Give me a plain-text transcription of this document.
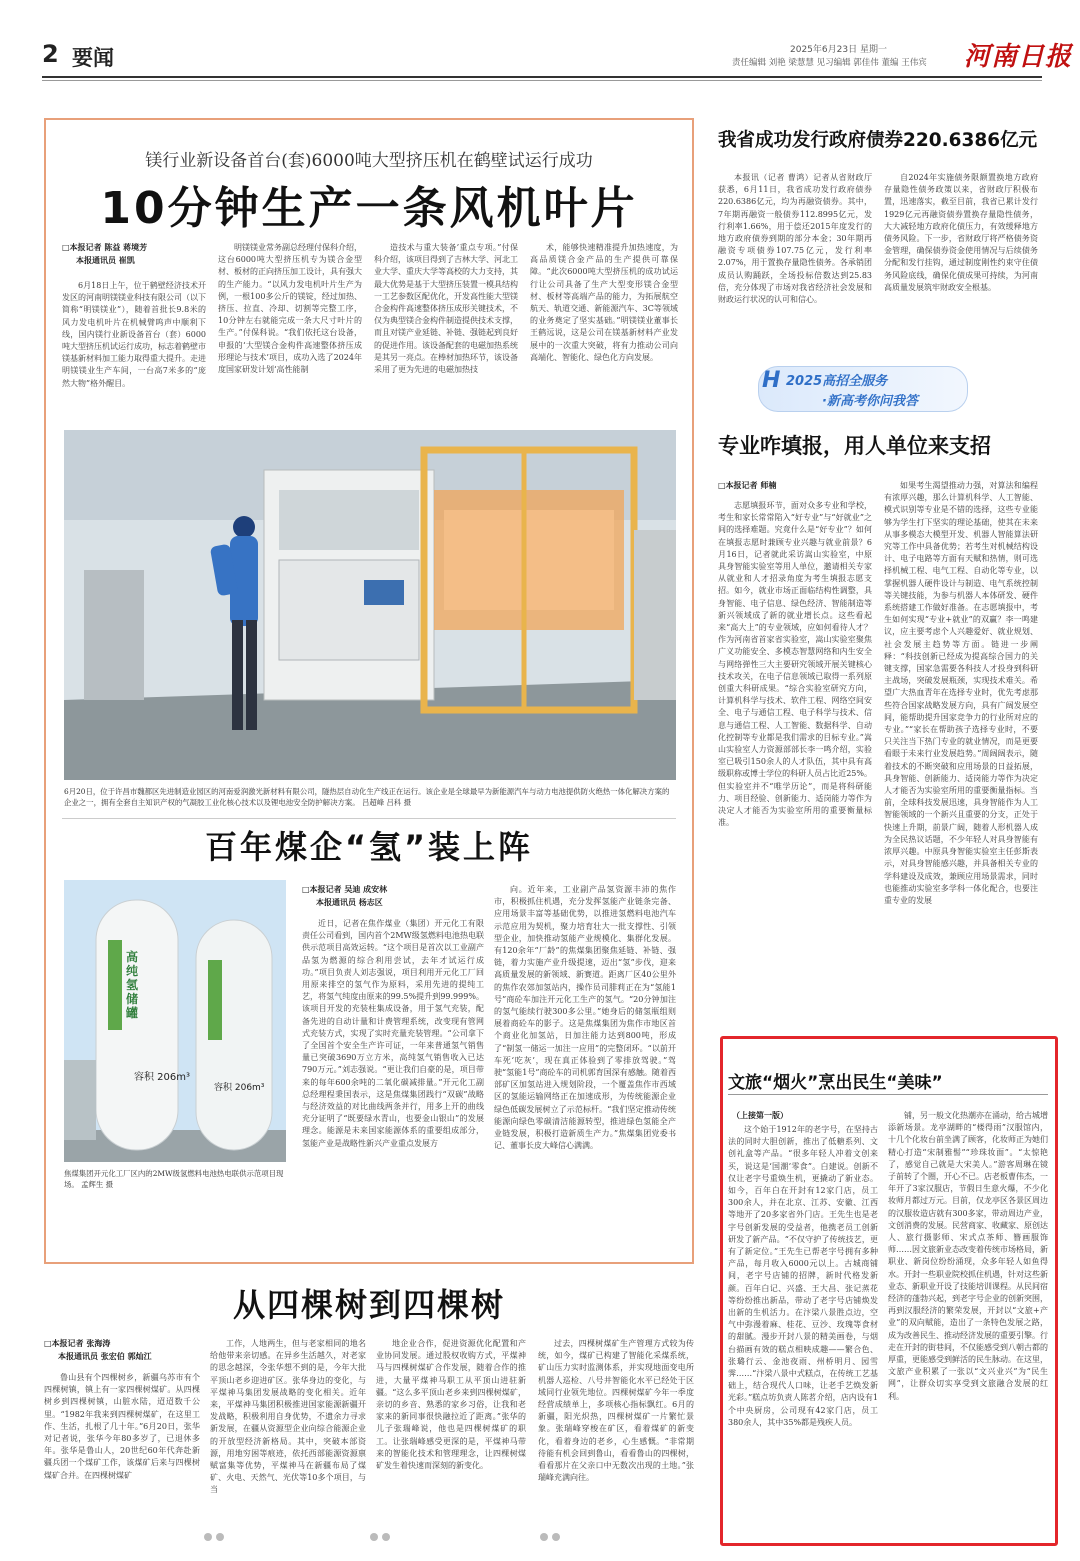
2 要闻	2025年6月23日 星期一
责任编辑 刘艳 梁慧慧 见习编辑 郭佳伟 董编 王伟宾 河南日报
镁行业新设备首台(套)6000吨大型挤压机在鹤壁试运行成功
10分钟生产一条风机叶片
□本报记者 陈益 蒋境芳
本报通讯员 崔凯

6月18日上午，位于鹤壁经济技术开发区的河南明镁镁业科技有限公司（以下简称“明镁镁业”），随着首批长9.8米的风力发电机叶片在机械臂呜声中顺利下线，国内镁行业新设备首台（套）6000吨大型挤压机试运行成功，标志着鹤壁市镁基新材料加工能力取得重大提升。走进明镁镁业生产车间，一台高7米多的“庞然大物”格外醒目。

明镁镁业常务副总经理付保科介绍，这台6000吨大型挤压机专为镁合金型材、板材的正向挤压加工设计，具有强大的生产能力。“以风力发电机叶片生产为例，一根100多公斤的镁锭，经过加热、挤压、拉直、冷却、切割等完整工序，10分钟左右就能完成一条大尺寸叶片的生产。”付保科说。“我们依托这台设备，申报的‘大型镁合金构件高速整体挤压成形理论与技术’项目，成功入选了2024年度国家研发计划‘高性能制

造技术与重大装备’重点专项。”付保科介绍，该项目得到了吉林大学、河北工业大学、重庆大学等高校的大力支持，其最大优势是基于大型挤压装置一模具结构一工艺参数区配优化，开发高性能大型镁合金构件高速整体挤压成形关键技术，不仅为典型镁合金构件制造提供技术支撑，而且对镁产业延链、补链、强链起到良好的促进作用。该设备配套的电磁加热系统是其另一亮点。在棒材加热环节，该设备采用了更为先进的电磁加热技

术，能够快速精准提升加热速度，为高品质镁合金产品的生产提供可靠保障。“此次6000吨大型挤压机的成功试运行让公司具备了生产大型变形镁合金型材、板材等高端产品的能力，为拓展航空航天、轨道交通、新能源汽车、3C等领域的业务奠定了坚实基础。”明镁镁业董事长王鹤远说，这是公司在镁基新材料产业发展中的一次重大突破，将有力推动公司向高端化、智能化、绿色化方向发展。

6月20日，位于许昌市魏都区先进制造业园区的河南爱润激光新材料有限公司，隧热层自动化生产线正在运行。该企业是全球最早为新能源汽车与动力电池提供防火绝热一体化解决方案的企业之一，拥有全套自主知识产权的气凝胶工业化核心技术以及锂电池安全防护解决方案。 吕超峰 吕科 摄
百年煤企“氢”装上阵
容积 206m³
容积 206m³
高纯氢储罐
焦煤集团开元化工厂区内的2MW级氢燃料电池热电联供示范项目现场。 孟辉生 摄
□本报记者 吴迪 成安林
本报通讯员 杨志区

近日，记者在焦作煤业（集团）开元化工有限责任公司看到，国内首个2MW级氢燃料电池热电联供示范项目高效运转。“这个项目是首次以工业副产品氢为燃源的综合利用尝试，去年才试运行成功。”项目负责人刘志强说，项目利用开元化工厂回用原来排空的氢气作为原料，采用先进的提纯工艺，将氢气纯度由原来的99.5%提升到99.999%。该项目开发的充装柱集成设备，用于氢气充装，配备先进的自动计量和计费管理系统，改变现有管网式充装方式，实现了实时充量充装管理。“公司拿下了全国首个安全生产许可证，一年来普通氢气销售量已突破3690万立方米，高纯氢气销售收入已达790万元。”刘志强说。“更让我们自豪的是，项目带来的每年600余吨的二氧化碳减排量。”开元化工副总经理程秉国表示，这是焦煤集团践行“双碳”战略与经济效益的对比曲线两条并行，用多上开的曲线充分证明了“既要绿水青山，也要金山银山”的发展理念。能源是未来国家能源体系的重要组成部分，氢能产业是战略性新兴产业重点发展方

向。近年来，工业副产品氢资源丰沛的焦作市，积极抓住机遇，充分发挥氢能产业链条完备、应用场景丰富等基础优势，以推进氢燃料电池汽车示范应用为契机，聚力培育壮大一批支撑性、引领型企业，加快推动氢能产业规模化、集群化发展。有120余年“厂龄”的焦煤集团聚焦延链、补链、强链，着力实施产业升级提速，迈出“氢”步伐，迎来高质量发展的新领域、新赛道。距离厂区40公里外的焦作农郊加氢站内，操作员司腓莉正在为“氢能1号”商砼车加注开元化工生产的氢气。“20分钟加注的氢气能续行驶300多公里。”她身后的储氢瓶组则展着商砼车的影子。这是焦煤集团为焦作市地区首个商业化加氢站，日加注能力达到800吨，形成了“制氢一储运一加注一应用”的完整闭环。“以前开车死‘吃灰’，现在真正体验到了零排放驾驶。”驾驶“氢能1号”商砼车的司机郭育国深有感触。随着西部矿区加氢站进入规划阶段，一个覆盖焦作市西域区的氢能运输网络正在加速成形，为传统能源企业绿色低碳发展树立了示范标杆。“我们坚定推动传统能源向绿色零碳清洁能源转型，推进绿色氢能全产业链发展，积极打造新质生产力。”焦煤集团党委书记、董事长皮大峰信心满满。

从四棵树到四棵树
□本报记者 张海涛
本报通讯员 张宏伯 郭灿江

鲁山县有个四棵树乡，新疆乌苏市有个四棵树镇，镇上有一家四棵树煤矿。从四棵树乡到四棵树镇，山脏水陆，迢迢数千公里。“1982年我来到四棵树煤矿，在这里工作、生活，扎根了几十年。”6月20日，张华对记者说，张华今年80多岁了，已退休多年。张华是鲁山人，20世纪60年代奔赴新疆兵团一个煤矿工作，该煤矿后来与四棵树煤矿合并。在四棵树煤矿

工作，人地两生，但与老家相同的地名给他带来亲切感。在异乡生活越久，对老家的思念越深，令张华想不到的是，今年大批平顶山老乡迎进矿区。张华身边的变化，与平煤神马集团发展战略的变化相关。近年来，平煤神马集团积极推进国家能源新疆开发战略，积极利用自身优势，不遗余力寻求新发展，在疆从资源型企业向综合能源企业的开放型经济新格局。其中，突破本部资源，用地穷困等痕迹，依托西部能源资源禀赋富集等优势，平煤神马在新疆布局了煤矿、火电、天然气、光伏等10多个项目，与当

地企业合作，促进资源优化配置和产业协同发展。通过股权收购方式，平煤神马与四棵树煤矿合作发展，随着合作的推进，大量平煤神马职工从平顶山进驻新疆。“这么多平顶山老乡来到四棵树煤矿，亲切的乡音、熟悉的家乡习俗，让我和老家来的新同事很快融拉近了距离。”张华的儿子张瑞峰说，他也是四棵树煤矿的职工。让张瑞峰感受更深的是，平煤神马带来的智能化技术和管理理念，让四棵树煤矿发生着快速而深刻的新变化。

过去，四棵树煤矿生产管理方式较为传统，如今，煤矿已构建了智能化采煤系统，矿山压力实时监测体系，并实现地面变电所机器人巡检、八号井智能化水平已经处于区域同行业领先地位。四棵树煤矿今年一季度经营成绩单上，多项核心指标飘红。6月的新疆，阳光炽热，四棵树煤矿一片繁忙景象。张瑞峰穿梭在矿区，看着煤矿的新变化，看着身边的老乡，心生感慨。“非常期待能有机会回到鲁山，看看鲁山的四棵树，看看那片在父亲口中无数次出现的土地。”张瑞峰充满向往。

我省成功发行政府债券220.6386亿元

本报讯（记者 曹鸿）记者从省财政厅获悉，6月11日，我省成功发行政府债券220.6386亿元，均为再融资债券。其中，7年期再融资一般债券112.8995亿元，发行利率1.66%，用于偿还2015年度发行的地方政府债券到期的部分本金；30年期再融资专项债券107.75亿元，发行利率2.07%，用于置换存量隐性债务。各承销团成员认购踊跃，全场投标倍数达到25.83倍，充分体现了市场对我省经济社会发展和财政运行状况的认可和信心。

自2024年实施债务限额置换地方政府存量隐性债务政策以来，省财政厅积极布置，迅速落实，截至目前，我省已累计发行1929亿元再融资债券置换存量隐性债务，大大减轻地方政府化债压力，有效缓释地方债务风险。下一步，省财政厅将严格债务资金管理，确保债券资金使用情况与后续债务分配和发行挂钩，通过制度刚性约束守住债务风险底线，确保化债成果可持续，为河南高质量发展筑牢财政安全根基。

H 2025高招全服务
·新高考你问我答
专业咋填报，用人单位来支招
□本报记者 师楠

志愿填报环节，面对众多专业和学校，考生和家长常常陷入“好专业”与“好就业”之间的选择难题。究竟什么是“好专业”？如何在填报志愿时兼顾专业兴趣与就业前景？6月16日，记者就此采访嵩山实验室，中原具身智能实验室等用人单位，邀请相关专家从就业和人才招录角度为考生填报志愿支招。如今，就业市场正面临结构性调整，具身智能、电子信息、绿色经济、智能制造等新兴领域成了新的就业增长点。这些看起来“高大上”的专业领域，应如何看待人才？作为河南省首家省实验室，嵩山实验室聚焦广义功能安全、多模态智慧网络和内生安全与网络弹性三大主要研究领域开展关键核心技术攻关，在电子信息领域已取得一系列原创重大科研成果。“综合实验室研究方向，计算机科学与技术、软件工程、网络空间安全、电子与通信工程、电子科学与技术、信息与通信工程、人工智能、数据科学、自动化控制等专业都是我们需求的目标专业。”嵩山实验室人力资源部部长李一鸣介绍，实验室已吸引150余人的人才队伍，其中具有高级职称或博士学位的科研人员占比近25%。但实验室并不“唯学历论”，而是将科研能力、项目经验、创新能力、适岗能力等作为决定人才能否为实验室所用的重要衡量标准。

如果考生渴望推动力强，对算法和编程有浓厚兴趣，那么计算机科学、人工智能、模式识别等专业是不错的选择，这些专业能够为学生打下坚实的理论基础，使其在未来从事多模态大模型开发、机器人智能算法研究等工作中具备优势；若考生对机械结构设计、电子电路等方面有天赋和热情，则可选择机械工程、电气工程、自动化等专业，以掌握机器人硬件设计与制造、电气系统控制等关键技能，为参与机器人本体研发、硬件系统搭建工作做好准备。在志愿填报中，考生如何实现“专业+就业”的双赢？李一鸣建议，应主要考虑个人兴趣爱好、就业规划、社会发展主趋势等方面。链进一步阐释：“科技创新已经成为提高综合国力的关键支撑，国家急需要各科技人才投身到科研主战场，突破发展瓶颈，实现技术难关。希望广大热血青年在选择专业时，优先考虑那些符合国家战略发展方向，具有广阔发展空间，能帮助提升国家竞争力的行业所对应的专业。”“家长在帮助孩子选择专业时，不要只关注当下热门专业的就业情况，而是更要看眼于未来行业发展趋势。”周阔阔表示，随着技术的不断突破和应用场景的日益拓展，具身智能、创新能力、适岗能力等作为决定人才能否为实验室所用的重要衡量指标。当前，全球科技发展迅速，具身智能作为人工智能领域的一个新兴且重要的分支，正处于快速上升期，前景广阔，随着人形机器人成为全民热议话题，不少年轻人对具身智能有浓厚兴趣。中原具身智能实验室主任彭斯表示，对具身智能感兴趣，并具备相关专业的学科建设及成效，兼顾应用场景需求，同时也能推动实验室多学科一体化配合，也要注重专业的发展

文旅“烟火”烹出民生“美味”
（上接第一版）

这个始于1912年的老字号，在坚持古法的同时大胆创新，推出了低糖系列、文创礼盒等产品。“很多年轻人冲着文创来买，说这是‘国潮’零食”。白建说。创新不仅让老字号重焕生机，更撬动了新业态。如今，百年白在开封有12家门店，员工300余人，并在北京、江苏、安徽、江西等地开了20多家省外门店。王先生也是老字号创新发展的受益者，他携老员工创新研发了新产品。“不仅守护了传统技艺，更有了新定位。”王先生已帮老字号拥有多种产品，每月收入6000元以上。古城商铺间，老字号店铺的招牌，新时代格发新颜。百年白记、兴盛、王大昌、张记蒸花等纷纷推出新品，带动了老字号店铺焕发出新的生机活力。在汴梁八景胜点边，空气中弥漫着麻、桂花、豆沙、玫瑰等食材的甜腻。漫步开封八景的精美画卷，与烟台描画有效的糕点相映成趣——繁合色、张璐行云、金池夜雨、州桥明月、园雪霁……“汴梁八景中式糕点，在传统工艺基础上，结合现代人口味，让老手艺焕发新光彩。”糕点坊负责人陈茗介绍，店内设有1个中央厨房，公司现有42家门店，员工380余人，其中35%都是残疾人员。

铺，另一般文化热潮亦在涌动，给古城增添新场景。龙亭湖畔的“楼得雨”汉服馆内，十几个化妆台前坐满了顾客，化妆师正为她们精心打造“宋制雅髻”“珍珠妆面”。“太惊艳了，感觉自己就是大宋美人。”游客周琳在镜子前转了个圈，开心不已。店老板曹伟杰，一年开了3家汉服店，节假日生意火爆，不少化妆师月都过万元。目前，仅龙亭区各景区周边的汉服妆造店就有300多家，带动周边产业，文创消费的发展。民营商家、收藏家、原创达人、旅行摄影师、宋式点茶师、簪画服饰师……因文旅新业态改变着传统市场格局，新职业、新岗位纷纷涌现，众多年轻人如鱼得水。开封一些职业院校抓住机遇，针对这些新业态、新职业开设了技能培训课程。从民间宿经济的蓬勃兴起，到老字号企业的创新突围，再到汉服经济的繁荣发展，开封以“文旅+产业”的双向赋能，造出了一条特色发展之路，成为改善民生、推动经济发展的重要引擎。行走在开封的街巷间，不仅能感受到八朝古都的厚重，更能感受到鲜活的民生脉动。在这里，文旅产业积累了一张以“文兴业兴”为“民生网”，让群众切实享受到文旅融合发展的红利。
